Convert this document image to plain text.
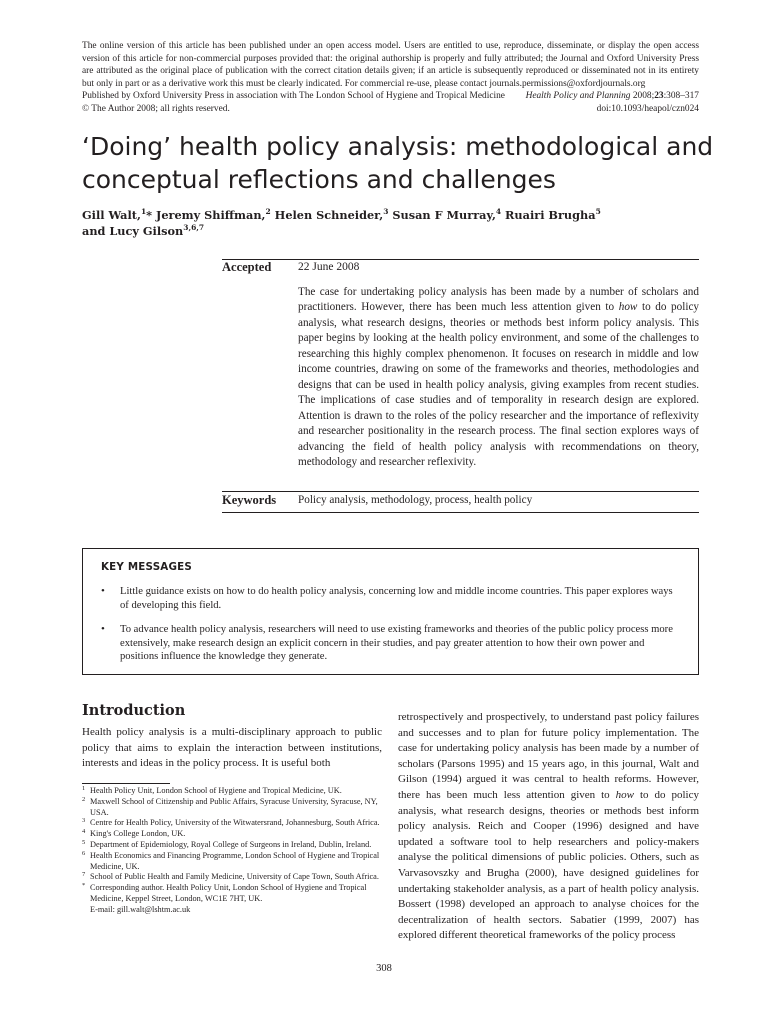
The online version of this article has been published under an open access model. Users are entitled to use, reproduce, disseminate, or display the open access version of this article for non-commercial purposes provided that: the original authorship is properly and fully attributed; the Journal and Oxford University Press are attributed as the original place of publication with the correct citation details given; if an article is subsequently reproduced or disseminated not in its entirety but only in part or as a derivative work this must be clearly indicated. For commercial re-use, please contact journals.permissions@oxfordjournals.org

Published by Oxford University Press in association with The London School of Hygiene and Tropical Medicine Health Policy and Planning 2008;23:308–317
© The Author 2008; all rights reserved.	doi:10.1093/heapol/czn024
‘Doing’ health policy analysis: methodological and conceptual reflections and challenges
Gill Walt,$^1$* Jeremy Shiffman,$^2$ Helen Schneider,$^3$ Susan F Murray,$^4$ Ruairi Brugha$^5$
and Lucy Gilson$^{3,6,7}$
Accepted 22 June 2008

The case for undertaking policy analysis has been made by a number of scholars and practitioners. However, there has been much less attention given to how to do policy analysis, what research designs, theories or methods best inform policy analysis. This paper begins by looking at the health policy environment, and some of the challenges to researching this highly complex phenomenon. It focuses on research in middle and low income countries, drawing on some of the frameworks and theories, methodologies and designs that can be used in health policy analysis, giving examples from recent studies. The implications of case studies and of temporality in research design are explored. Attention is drawn to the roles of the policy researcher and the importance of reflexivity and researcher positionality in the research process. The final section explores ways of advancing the field of health policy analysis with recommendations on theory, methodology and researcher reflexivity.

Keywords Policy analysis, methodology, process, health policy
KEY MESSAGES
• Little guidance exists on how to do health policy analysis, concerning low and middle income countries. This paper explores ways of developing this field.
• To advance health policy analysis, researchers will need to use existing frameworks and theories of the public policy process more extensively, make research design an explicit concern in their studies, and pay greater attention to how their own power and positions influence the knowledge they generate.
Introduction

Health policy analysis is a multi-disciplinary approach to public policy that aims to explain the interaction between institutions, interests and ideas in the policy process. It is useful both

retrospectively and prospectively, to understand past policy failures and successes and to plan for future policy implementation. The case for undertaking policy analysis has been made by a number of scholars (Parsons 1995) and 15 years ago, in this journal, Walt and Gilson (1994) argued it was central to health reforms. However, there has been much less attention given to how to do policy analysis, what research designs, theories or methods best inform policy analysis. Reich and Cooper (1996) designed and have updated a software tool to help researchers and policy-makers analyse the political dimensions of public policies. Others, such as Varvasovszky and Brugha (2000), have designed guidelines for undertaking stakeholder analysis, as a part of health policy analysis. Bossert (1998) developed an approach to analyse choices for the decentralization of health sectors. Sabatier (1999, 2007) has explored different theoretical frameworks of the policy process

1 Health Policy Unit, London School of Hygiene and Tropical Medicine, UK.
2 Maxwell School of Citizenship and Public Affairs, Syracuse University, Syracuse, NY, USA.
3 Centre for Health Policy, University of the Witwatersrand, Johannesburg, South Africa.
4 King's College London, UK.
5 Department of Epidemiology, Royal College of Surgeons in Ireland, Dublin, Ireland.
6 Health Economics and Financing Programme, London School of Hygiene and Tropical Medicine, UK.
7 School of Public Health and Family Medicine, University of Cape Town, South Africa.
* Corresponding author. Health Policy Unit, London School of Hygiene and Tropical Medicine, Keppel Street, London, WC1E 7HT, UK.
E-mail: gill.walt@lshtm.ac.uk
308
